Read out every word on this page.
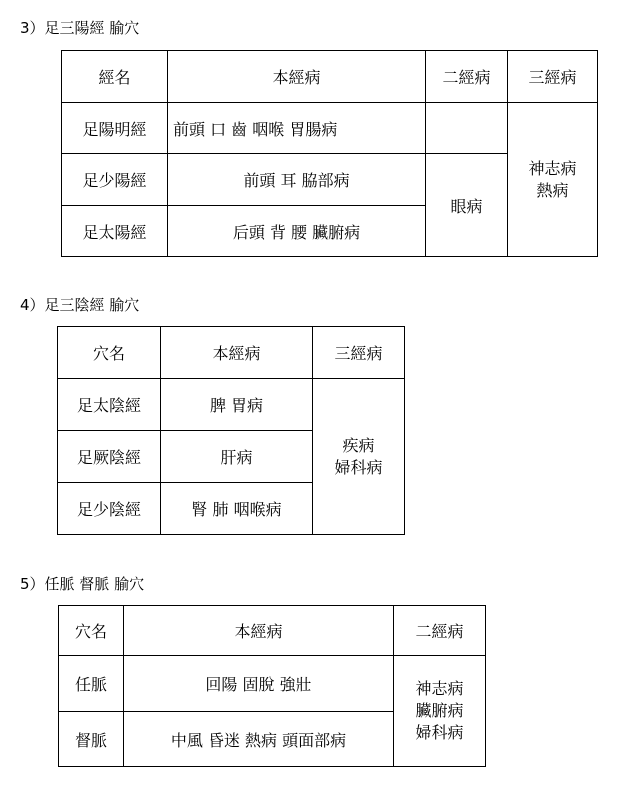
3）足三陽經 腧穴
經名	本經病	二經病	三經病
足陽明經	前頭 口 齒 咽喉 胃腸病		神志病
熱病

足少陽經	前頭 耳 脇部病	眼病	
足太陽經	后頭 背 腰 臟腑病		
4）足三陰經 腧穴
穴名	本經病	三經病
足太陰經	脾 胃病	疾病
婦科病

足厥陰經	肝病	
足少陰經	腎 肺 咽喉病	
5）任脈 督脈 腧穴
穴名	本經病	二經病
任脈	回陽 固脫 強壯	神志病
臟腑病
婦科病

督脈	中風 昏迷 熱病 頭面部病	
